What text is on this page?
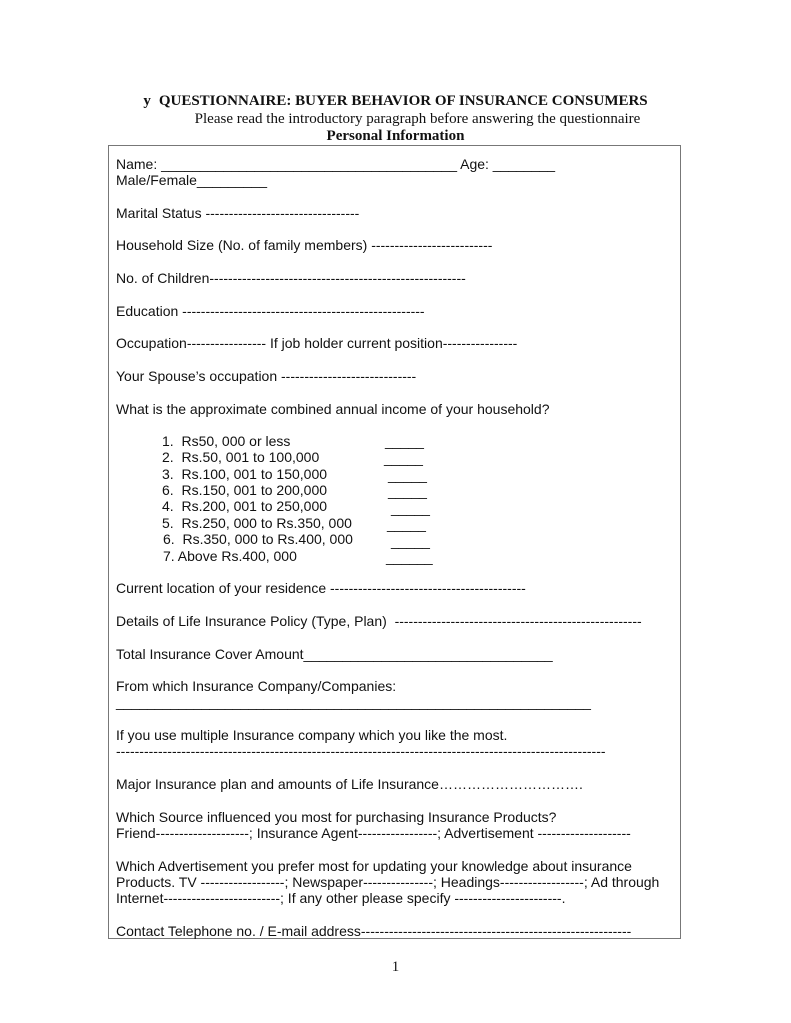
y QUESTIONNAIRE: BUYER BEHAVIOR OF INSURANCE CONSUMERS
Please read the introductory paragraph before answering the questionnaire
Personal Information
Name: ______________________________________ Age: ________
Male/Female_________
Marital Status ---------------------------------
Household Size (No. of family members) --------------------------
No. of Children-------------------------------------------------------
Education ----------------------------------------------------
Occupation----------------- If job holder current position----------------
Your Spouse’s occupation -----------------------------
What is the approximate combined annual income of your household?
1.  Rs50, 000 or less	_____
2.  Rs.50, 001 to 100,000	_____
3.  Rs.100, 001 to 150,000	_____
6.  Rs.150, 001 to 200,000	_____
4.  Rs.200, 001 to 250,000	_____
5.  Rs.250, 000 to Rs.350, 000	_____
6.  Rs.350, 000 to Rs.400, 000	_____
7. Above Rs.400, 000	______
Current location of your residence ------------------------------------------
Details of Life Insurance Policy (Type, Plan)  -----------------------------------------------------
Total Insurance Cover Amount________________________________
From which Insurance Company/Companies:
_____________________________________________________________
If you use multiple Insurance company which you like the most.
---------------------------------------------------------------------------------------------------------
Major Insurance plan and amounts of Life Insurance………………………….
Which Source influenced you most for purchasing Insurance Products?
Friend--------------------; Insurance Agent-----------------; Advertisement --------------------
Which Advertisement you prefer most for updating your knowledge about insurance
Products. TV ------------------; Newspaper---------------; Headings------------------; Ad through
Internet-------------------------; If any other please specify -----------------------.
Contact Telephone no. / E-mail address----------------------------------------------------------
1
